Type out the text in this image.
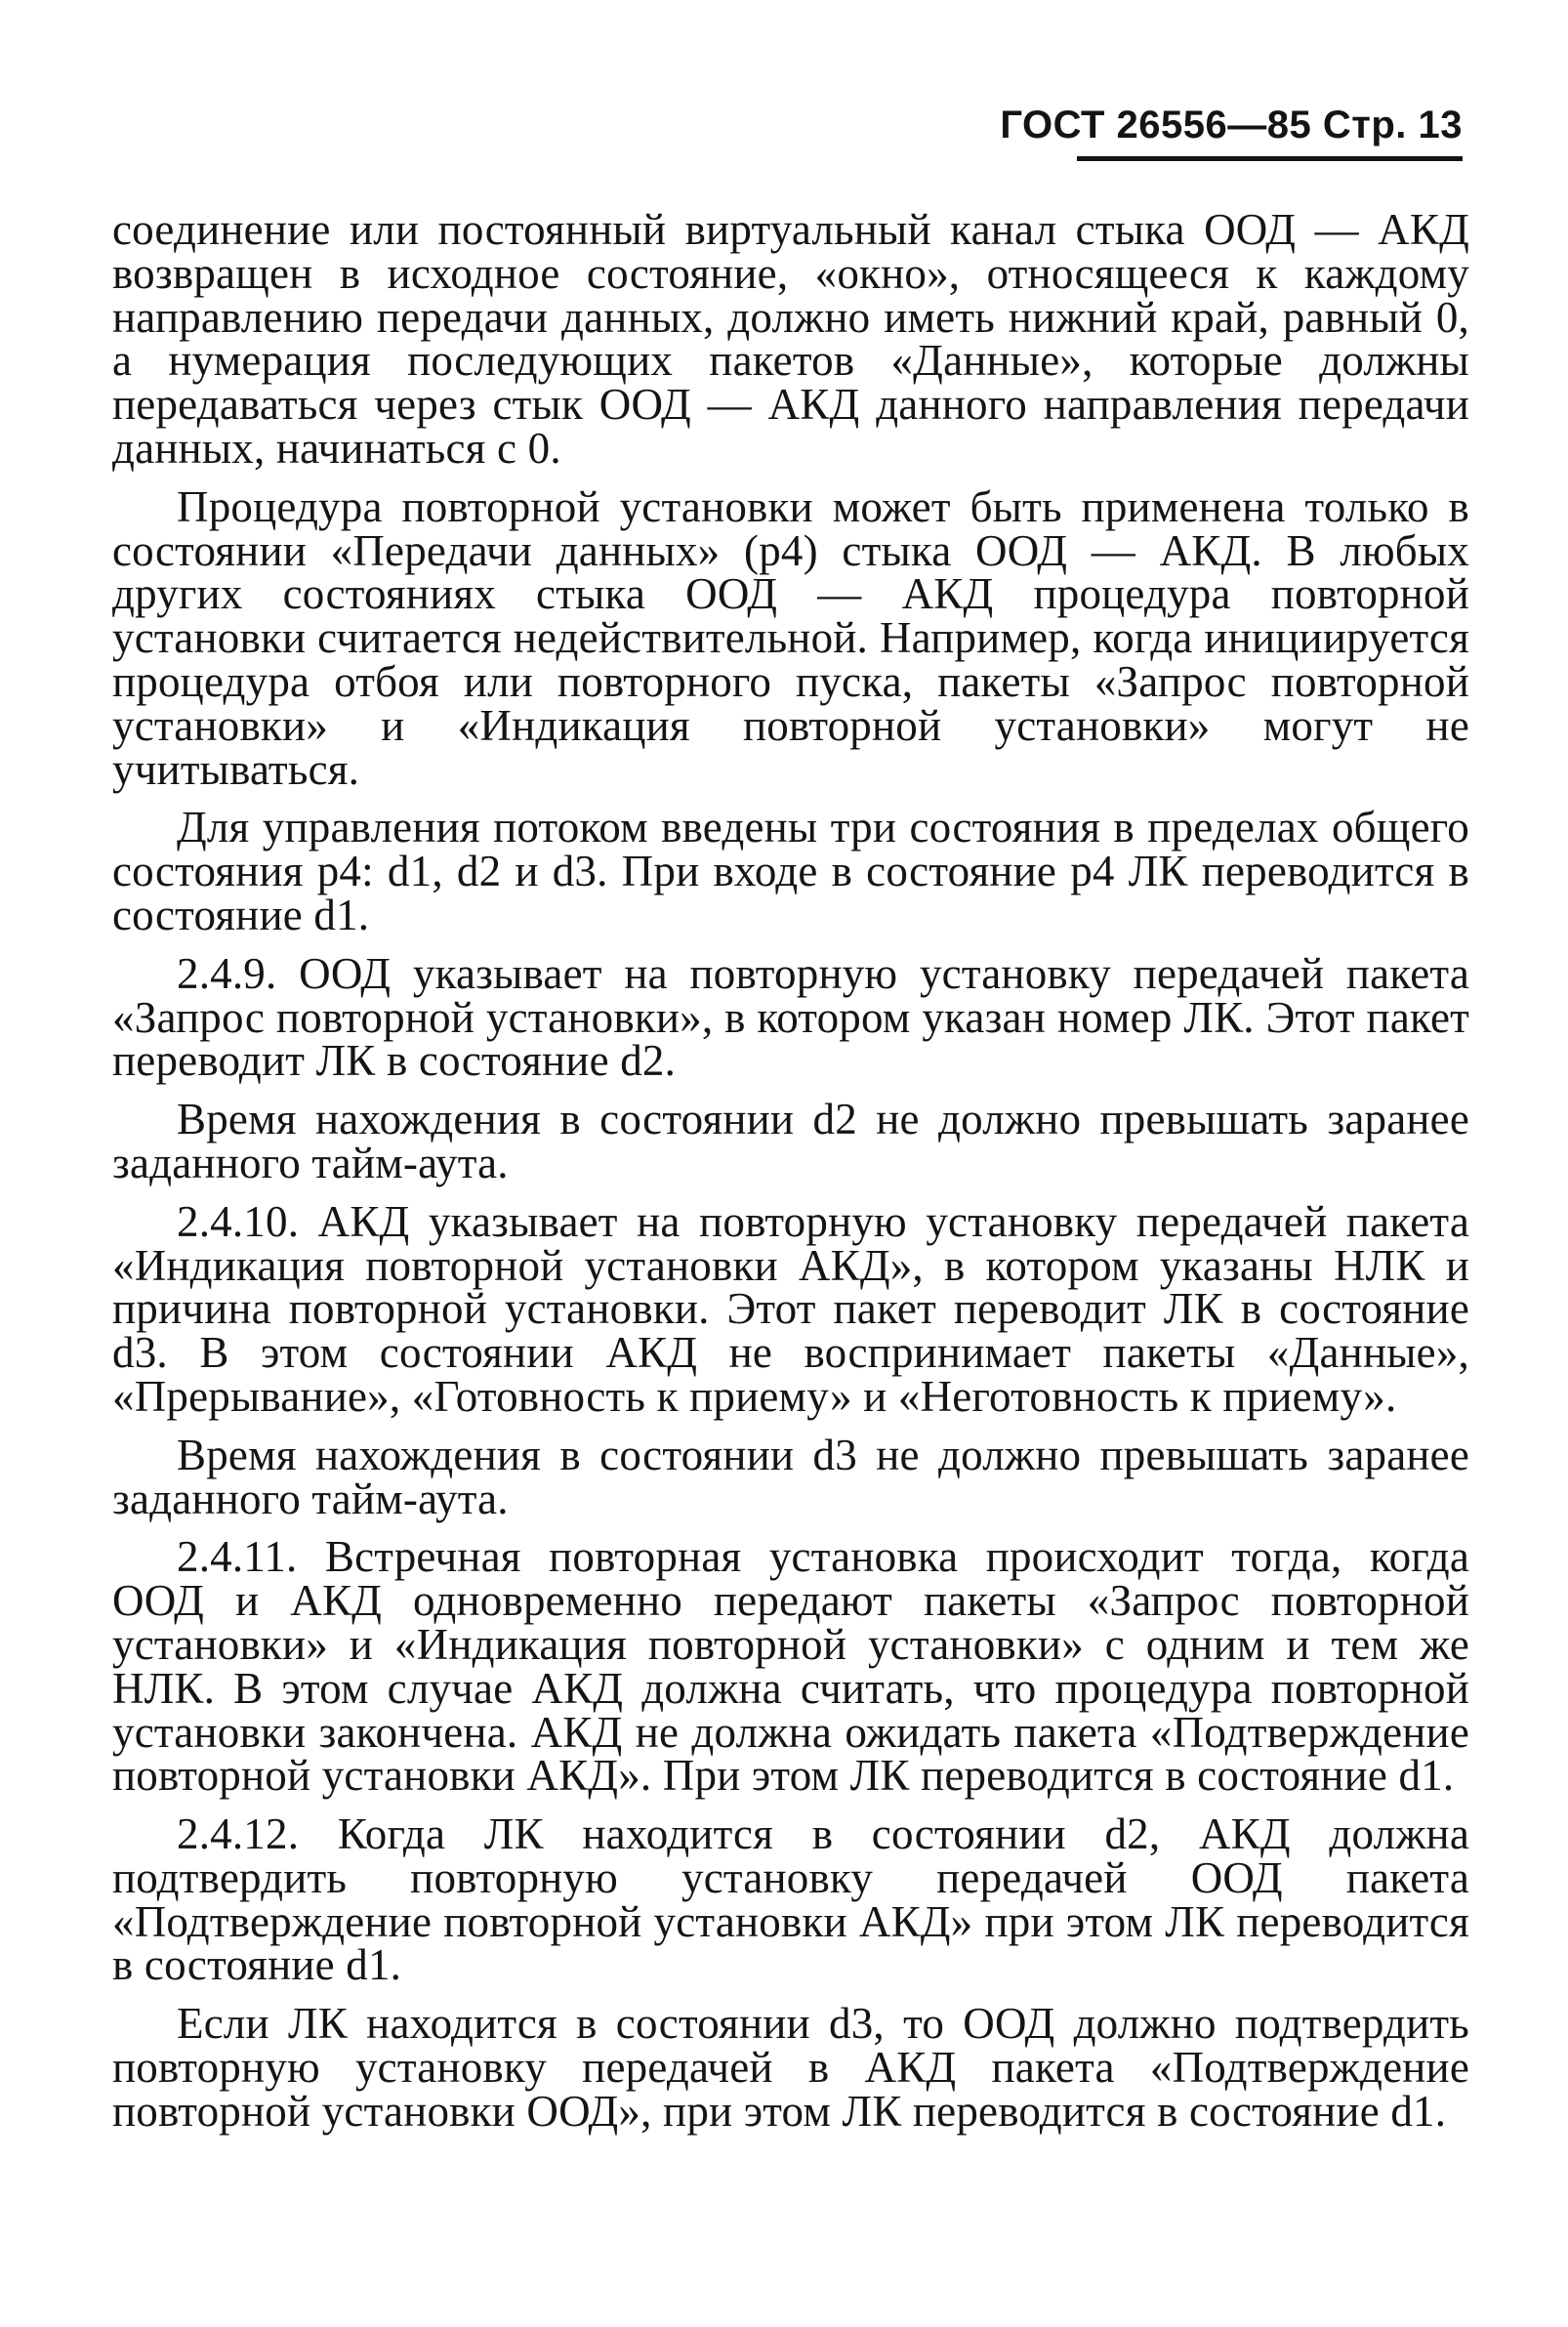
ГОСТ 26556—85 Стр. 13

соединение или постоянный виртуальный канал стыка ООД — АКД возвращен в исходное состояние, «окно», относящееся к каждому направлению передачи данных, должно иметь нижний край, равный 0, а нумерация последующих пакетов «Данные», которые должны передаваться через стык ООД — АКД данного направления передачи данных, начинаться с 0.

Процедура повторной установки может быть применена только в состоянии «Передачи данных» (р4) стыка ООД — АКД. В любых других состояниях стыка ООД — АКД процедура повторной установки считается недействительной. Например, когда инициируется процедура отбоя или повторного пуска, пакеты «Запрос повторной установки» и «Индикация повторной установки» могут не учитываться.

Для управления потоком введены три состояния в пределах общего состояния р4: d1, d2 и d3. При входе в состояние р4 ЛК переводится в состояние d1.

2.4.9. ООД указывает на повторную установку передачей пакета «Запрос повторной установки», в котором указан номер ЛК. Этот пакет переводит ЛК в состояние d2.

Время нахождения в состоянии d2 не должно превышать заранее заданного тайм-аута.

2.4.10. АКД указывает на повторную установку передачей пакета «Индикация повторной установки АКД», в котором указаны НЛК и причина повторной установки. Этот пакет переводит ЛК в состояние d3. В этом состоянии АКД не воспринимает пакеты «Данные», «Прерывание», «Готовность к приему» и «Неготовность к приему».

Время нахождения в состоянии d3 не должно превышать заранее заданного тайм-аута.

2.4.11. Встречная повторная установка происходит тогда, когда ООД и АКД одновременно передают пакеты «Запрос повторной установки» и «Индикация повторной установки» с одним и тем же НЛК. В этом случае АКД должна считать, что процедура повторной установки закончена. АКД не должна ожидать пакета «Подтверждение повторной установки АКД». При этом ЛК переводится в состояние d1.

2.4.12. Когда ЛК находится в состоянии d2, АКД должна подтвердить повторную установку передачей ООД пакета «Подтверждение повторной установки АКД» при этом ЛК переводится в состояние d1.

Если ЛК находится в состоянии d3, то ООД должно подтвердить повторную установку передачей в АКД пакета «Подтверждение повторной установки ООД», при этом ЛК переводится в состояние d1.
